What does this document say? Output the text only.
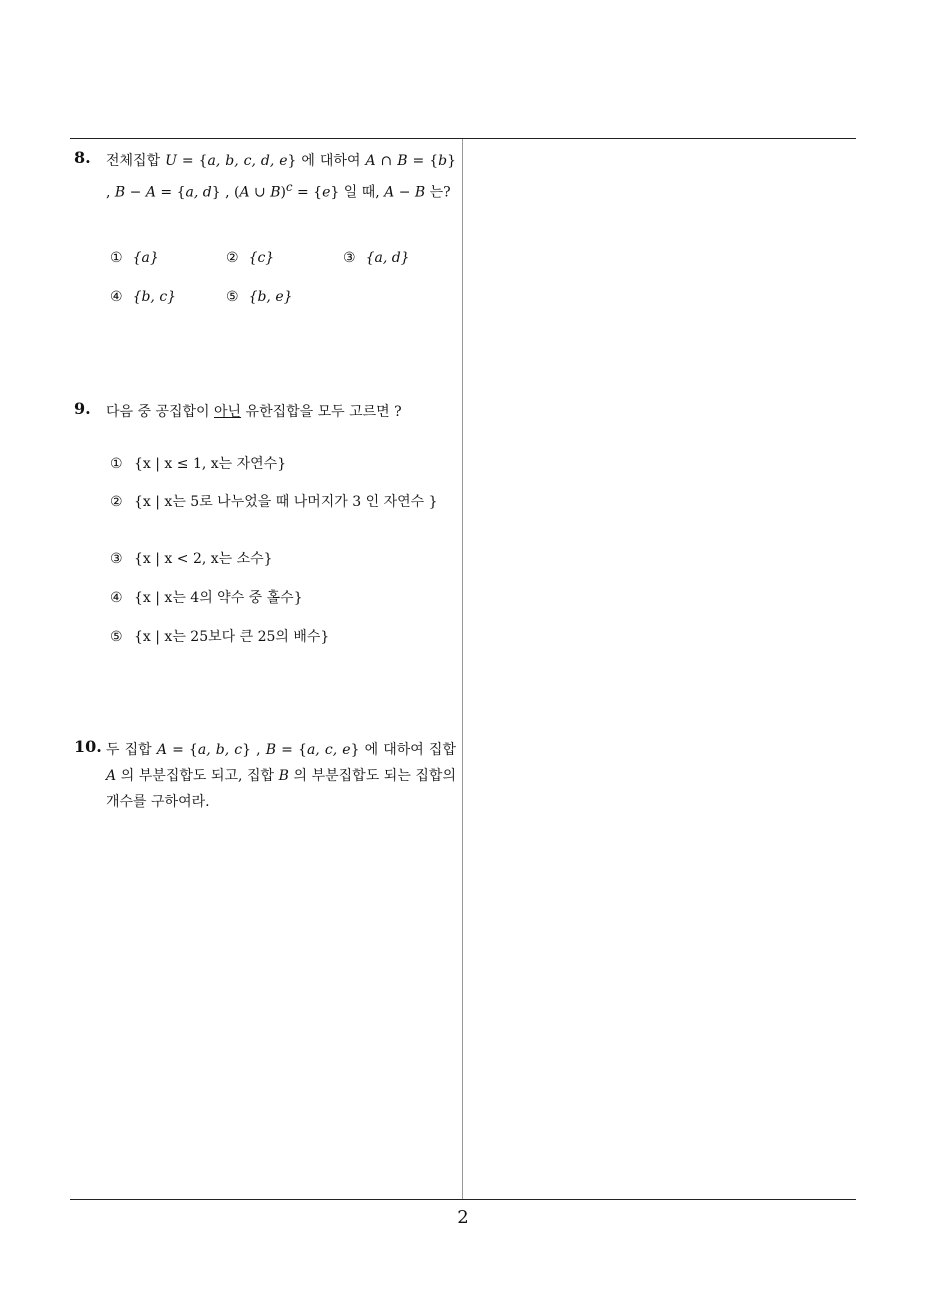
8. 전체집합 U = {a, b, c, d, e} 에 대하여 A ∩ B = {b} , B − A = {a, d} , (A ∪ B)$^c$ = {e} 일 때, A − B 는?
① {a}	② {c}	③ {a, d}
④ {b, c}	⑤ {b, e}
9. 다음 중 공집합이 아닌 유한집합을 모두 고르면 ?
① {x | x ≤ 1, x는 자연수}
② {x | x는 5로 나누었을 때 나머지가 3 인 자연수 }
③ {x | x < 2, x는 소수}
④ {x | x는 4의 약수 중 홀수}
⑤ {x | x는 25보다 큰 25의 배수}
10. 두 집합 A = {a, b, c} , B = {a, c, e} 에 대하여 집합 A 의 부분집합도 되고, 집합 B 의 부분집합도 되는 집합의 개수를 구하여라.
2
